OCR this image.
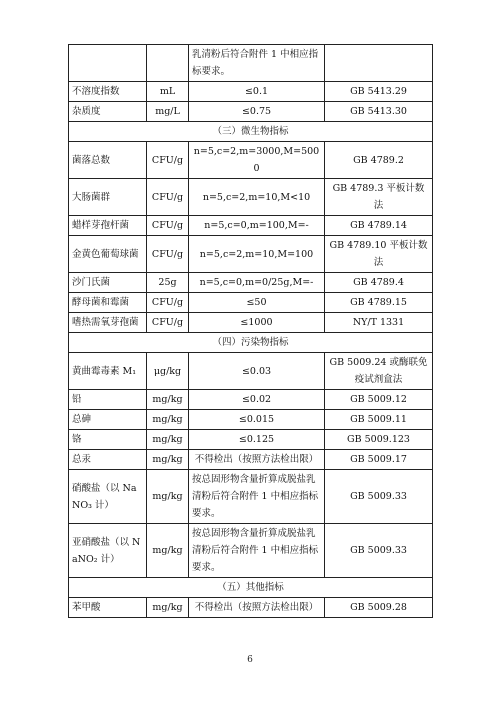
		乳清粉后符合附件 1 中相应指标要求。	
不溶度指数	mL	≤0.1	GB 5413.29
杂质度	mg/L	≤0.75	GB 5413.30
（三）微生物指标			
菌落总数	CFU/g	n=5,c=2,m=3000,M=5000	GB 4789.2
大肠菌群	CFU/g	n=5,c=2,m=10,M<10	GB 4789.3 平板计数法
蜡样芽孢杆菌	CFU/g	n=5,c=0,m=100,M=-	GB 4789.14
金黄色葡萄球菌	CFU/g	n=5,c=2,m=10,M=100	GB 4789.10 平板计数法
沙门氏菌	25g	n=5,c=0,m=0/25g,M=-	GB 4789.4
酵母菌和霉菌	CFU/g	≤50	GB 4789.15
嗜热需氧芽孢菌	CFU/g	≤1000	NY/T 1331
（四）污染物指标			
黄曲霉毒素 M₁	μg/kg	≤0.03	GB 5009.24 或酶联免疫试剂盒法
铅	mg/kg	≤0.02	GB 5009.12
总砷	mg/kg	≤0.015	GB 5009.11
铬	mg/kg	≤0.125	GB 5009.123
总汞	mg/kg	不得检出（按照方法检出限）	GB 5009.17
硝酸盐（以 NaNO₃ 计）	mg/kg	按总固形物含量折算成脱盐乳清粉后符合附件 1 中相应指标要求。	GB 5009.33
亚硝酸盐（以 NaNO₂ 计）	mg/kg	按总固形物含量折算成脱盐乳清粉后符合附件 1 中相应指标要求。	GB 5009.33
（五）其他指标			
苯甲酸	mg/kg	不得检出（按照方法检出限）	GB 5009.28
6
